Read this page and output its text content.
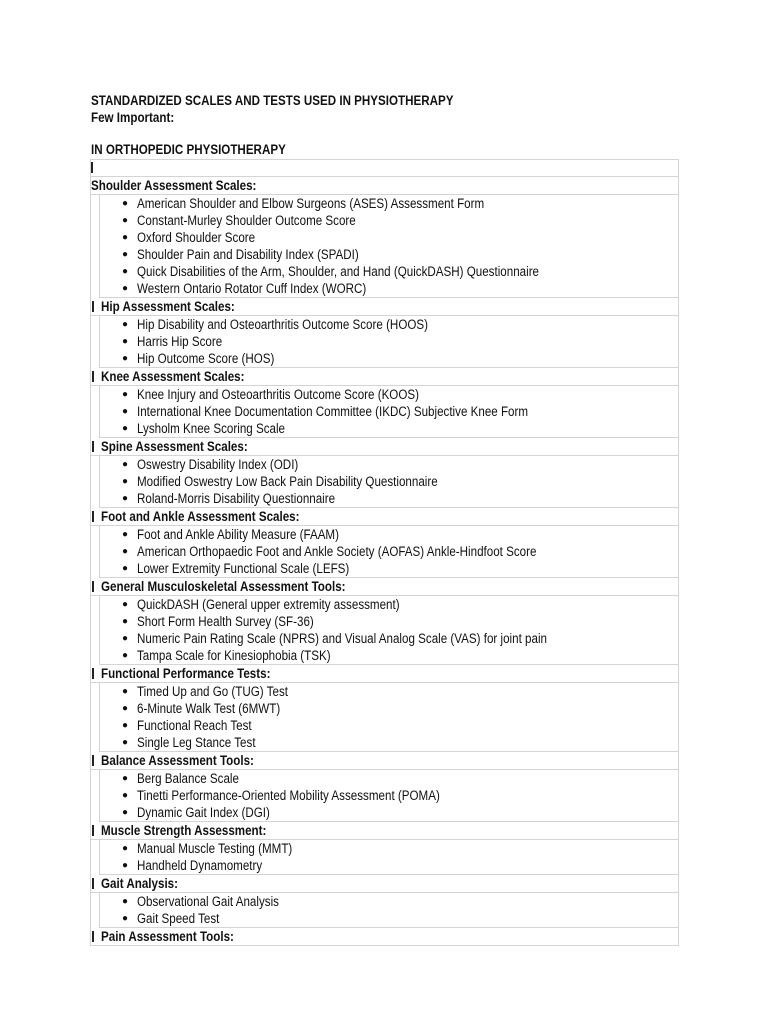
STANDARDIZED SCALES AND TESTS USED IN PHYSIOTHERAPY
Few Important:
IN ORTHOPEDIC PHYSIOTHERAPY
Shoulder Assessment Scales:
● American Shoulder and Elbow Surgeons (ASES) Assessment Form
● Constant-Murley Shoulder Outcome Score
● Oxford Shoulder Score
● Shoulder Pain and Disability Index (SPADI)
● Quick Disabilities of the Arm, Shoulder, and Hand (QuickDASH) Questionnaire
● Western Ontario Rotator Cuff Index (WORC)
Hip Assessment Scales:
● Hip Disability and Osteoarthritis Outcome Score (HOOS)
● Harris Hip Score
● Hip Outcome Score (HOS)
Knee Assessment Scales:
● Knee Injury and Osteoarthritis Outcome Score (KOOS)
● International Knee Documentation Committee (IKDC) Subjective Knee Form
● Lysholm Knee Scoring Scale
Spine Assessment Scales:
● Oswestry Disability Index (ODI)
● Modified Oswestry Low Back Pain Disability Questionnaire
● Roland-Morris Disability Questionnaire
Foot and Ankle Assessment Scales:
● Foot and Ankle Ability Measure (FAAM)
● American Orthopaedic Foot and Ankle Society (AOFAS) Ankle-Hindfoot Score
● Lower Extremity Functional Scale (LEFS)
General Musculoskeletal Assessment Tools:
● QuickDASH (General upper extremity assessment)
● Short Form Health Survey (SF-36)
● Numeric Pain Rating Scale (NPRS) and Visual Analog Scale (VAS) for joint pain
● Tampa Scale for Kinesiophobia (TSK)
Functional Performance Tests:
● Timed Up and Go (TUG) Test
● 6-Minute Walk Test (6MWT)
● Functional Reach Test
● Single Leg Stance Test
Balance Assessment Tools:
● Berg Balance Scale
● Tinetti Performance-Oriented Mobility Assessment (POMA)
● Dynamic Gait Index (DGI)
Muscle Strength Assessment:
● Manual Muscle Testing (MMT)
● Handheld Dynamometry
Gait Analysis:
● Observational Gait Analysis
● Gait Speed Test
Pain Assessment Tools:
